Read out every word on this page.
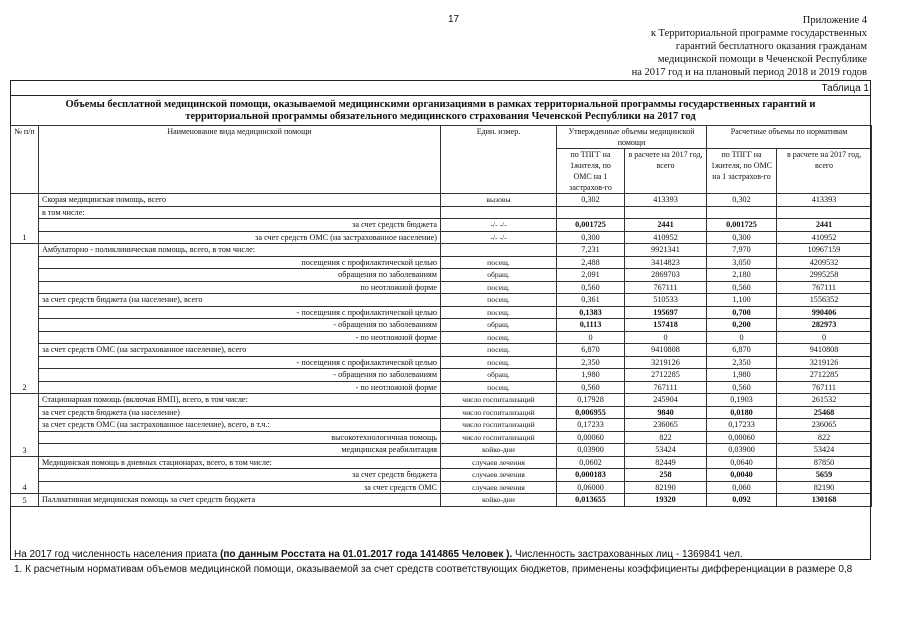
17	Приложение 4
к Территориальной программе государственных
гарантий бесплатного оказания гражданам
медицинской помощи в Чеченской Республике
на 2017 год и на плановый период 2018 и 2019 годов
Таблица 1
Объемы бесплатной медицинской помощи, оказываемой медицинскими организациями в рамках территориальной программы государственных гарантий и
территориальной программы обязательного медицинского страхования Чеченской Республики на 2017 год
№ п/п	Наименование вида медицинской помощи	Един. измер.	Утвержденные объемы медицинской помощи		Расчетные объемы по нормативам	
			по ТПГГ на 1жителя, по ОМС на 1 застрахов-го	в расчете на 2017 год, всего	по ТПГГ на 1жителя, по ОМС на 1 застрахов-го	в расчете на 2017 год, всего
1	Скорая медицинская помощь, всего	вызовы	0,302	413393	0,302	413393
	в том числе:					
	за счет средств бюджета	-/- -/-	0,001725	2441	0,001725	2441
	за счет средств ОМС (на застрахованное население)	-/- -/-	0,300	410952	0,300	410952
2	Амбулаторно - поликлиническая помощь, всего, в том числе:		7,231	9921341	7,970	10967159
	посещения с профилактической целью	посещ.	2,488	3414823	3,050	4209532
	обращения по заболеваниям	обращ.	2,091	2869703	2,180	2995258
	по неотложной форме	посещ.	0,560	767111	0,560	767111
	за счет средств бюджета (на население), всего	посещ.	0,361	510533	1,100	1556352
	- посещения с профилактической целью	посещ.	0,1383	195697	0,700	990406
	- обращения по заболеваниям	обращ.	0,1113	157418	0,200	282973
	- по неотложной форме	посещ.	0	0	0	0
	за счет средств ОМС (на застрахованное население), всего	посещ.	6,870	9410808	6,870	9410808
	- посещения с профилактической целью	посещ.	2,350	3219126	2,350	3219126
	- обращения по заболеваниям	обращ.	1,980	2712285	1,980	2712285
	- по неотложной форме	посещ.	0,560	767111	0,560	767111
3	Стационарная помощь (включая ВМП), всего, в том числе:	число госпитализаций	0,17928	245904	0,1903	261532
	за счет средств бюджета (на население)	число госпитализаций	0,006955	9840	0,0180	25468
	за счет средств ОМС (на застрахованное население), всего, в т.ч.:	число госпитализаций	0,17233	236065	0,17233	236065
	высокотехнологичная помощь	число госпитализаций	0,00060	822	0,00060	822
	медицинская реабилитация	койко-дни	0,03900	53424	0,03900	53424
4	Медицинская помощь в дневных стационарах, всего, в том числе:	случаев лечения	0,0602	82449	0,0640	87850
	за счет средств бюджета	случаев лечения	0,000183	258	0,0040	5659
	за счет средств ОМС	случаев лечения	0,06000	82190	0,060	82190
5	Паллиативная медицинская помощь за счет средств бюджета	койко-дни	0,013655	19320	0,092	130168
На 2017 год численность населения приата (по данным Росстата на 01.01.2017 года 1414865 Человек ). Численность застрахованных лиц - 1369841 чел.
1. К расчетным нормативам объемов медицинской помощи, оказываемой за счет средств соответствующих бюджетов, применены коэффициенты дифференциации в размере 0,8
